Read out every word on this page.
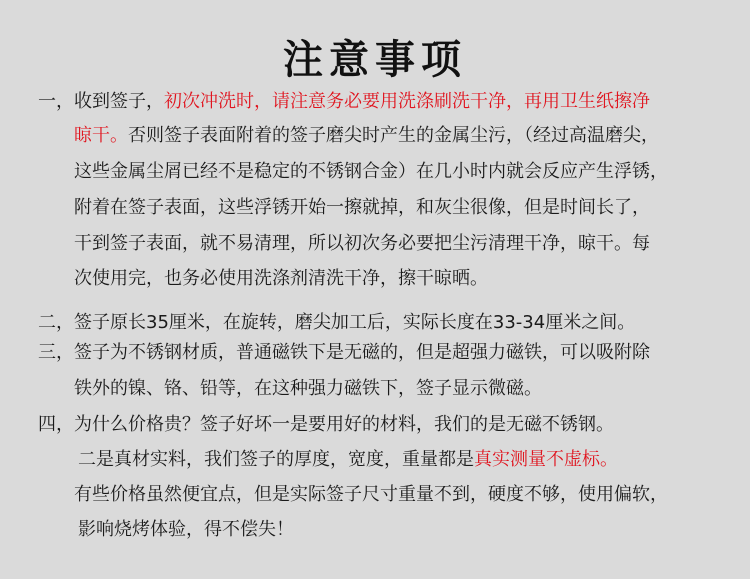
注意事项
一，收到签子，初次冲洗时，请注意务必要用洗涤刷洗干净，再用卫生纸擦净
晾干。否则签子表面附着的签子磨尖时产生的金属尘污，（经过高温磨尖，
这些金属尘屑已经不是稳定的不锈钢合金）在几小时内就会反应产生浮锈，
附着在签子表面，这些浮锈开始一擦就掉，和灰尘很像，但是时间长了，
干到签子表面，就不易清理，所以初次务必要把尘污清理干净，晾干。每
次使用完，也务必使用洗涤剂清洗干净，擦干晾晒。
二，签子原长35厘米，在旋转，磨尖加工后，实际长度在33-34厘米之间。
三，签子为不锈钢材质，普通磁铁下是无磁的，但是超强力磁铁，可以吸附除
铁外的镍、铬、铅等，在这种强力磁铁下，签子显示微磁。
四，为什么价格贵？签子好坏一是要用好的材料，我们的是无磁不锈钢。
二是真材实料，我们签子的厚度，宽度，重量都是真实测量不虚标。
有些价格虽然便宜点，但是实际签子尺寸重量不到，硬度不够，使用偏软，
影响烧烤体验，得不偿失！
